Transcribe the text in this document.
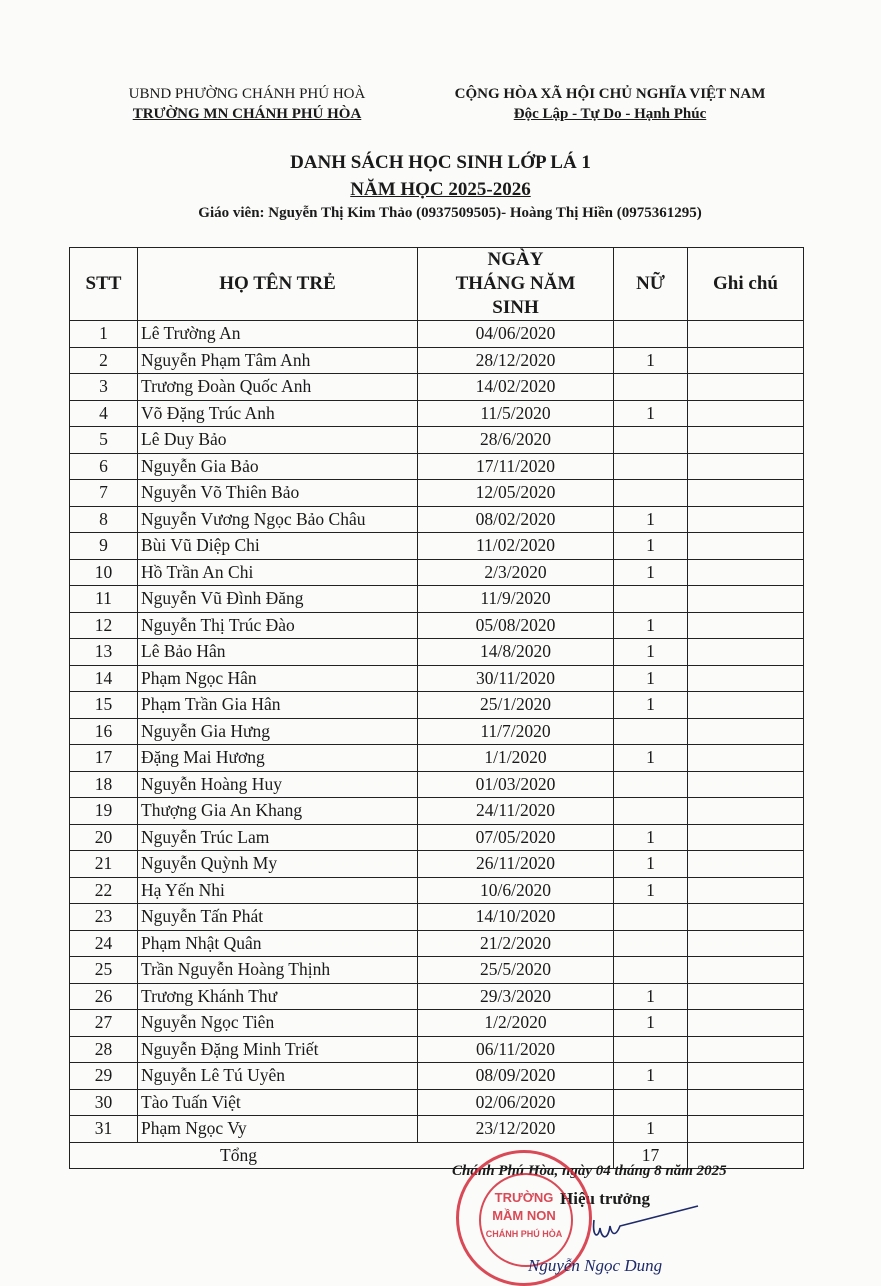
UBND PHƯỜNG CHÁNH PHÚ HOÀ
TRƯỜNG MN CHÁNH PHÚ HÒA
CỘNG HÒA XÃ HỘI CHỦ NGHĨA VIỆT NAM
Độc Lập - Tự Do - Hạnh Phúc
DANH SÁCH HỌC SINH LỚP LÁ 1
NĂM HỌC 2025-2026
Giáo viên: Nguyễn Thị Kim Thảo (0937509505)- Hoàng Thị Hiền (0975361295)
STT	HỌ TÊN TRẺ	NGÀY THÁNG NĂM SINH	NỮ	Ghi chú
1	Lê Trường An	04/06/2020		
2	Nguyễn Phạm Tâm Anh	28/12/2020	1	
3	Trương Đoàn Quốc Anh	14/02/2020		
4	Võ Đặng Trúc Anh	11/5/2020	1	
5	Lê Duy Bảo	28/6/2020		
6	Nguyễn Gia Bảo	17/11/2020		
7	Nguyễn Võ Thiên Bảo	12/05/2020		
8	Nguyễn Vương Ngọc Bảo Châu	08/02/2020	1	
9	Bùi Vũ Diệp Chi	11/02/2020	1	
10	Hồ Trần An Chi	2/3/2020	1	
11	Nguyễn Vũ Đình Đăng	11/9/2020		
12	Nguyễn Thị Trúc Đào	05/08/2020	1	
13	Lê Bảo Hân	14/8/2020	1	
14	Phạm Ngọc Hân	30/11/2020	1	
15	Phạm Trần Gia Hân	25/1/2020	1	
16	Nguyễn Gia Hưng	11/7/2020		
17	Đặng Mai Hương	1/1/2020	1	
18	Nguyễn Hoàng Huy	01/03/2020		
19	Thượng Gia An Khang	24/11/2020		
20	Nguyễn Trúc Lam	07/05/2020	1	
21	Nguyễn Quỳnh My	26/11/2020	1	
22	Hạ Yến Nhi	10/6/2020	1	
23	Nguyễn Tấn Phát	14/10/2020		
24	Phạm Nhật Quân	21/2/2020		
25	Trần Nguyễn Hoàng Thịnh	25/5/2020		
26	Trương Khánh Thư	29/3/2020	1	
27	Nguyễn Ngọc Tiên	1/2/2020	1	
28	Nguyễn Đặng Minh Triết	06/11/2020		
29	Nguyễn Lê Tú Uyên	08/09/2020	1	
30	Tào Tuấn Việt	02/06/2020		
31	Phạm Ngọc Vy	23/12/2020	1	
Tổng			17	
Chánh Phú Hòa, ngày 04 tháng 8 năm 2025
Hiệu trưởng
TRƯỜNG
MẦM NON
CHÁNH PHÚ HÒA
Nguyễn Ngọc Dung
